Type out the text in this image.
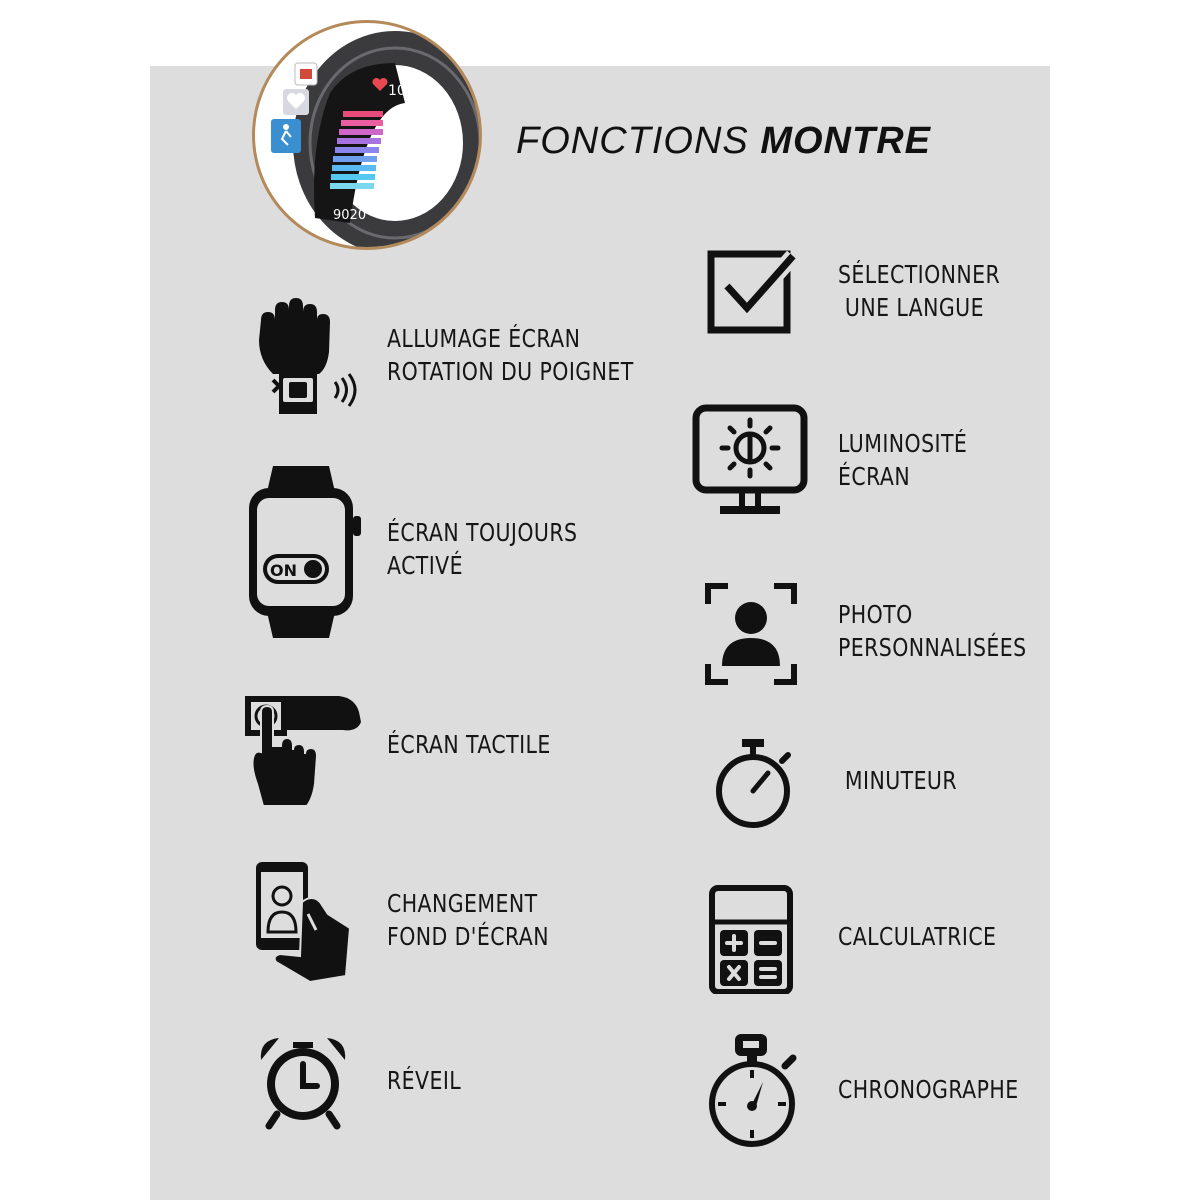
103
9020
FONCTIONS MONTRE
ALLUMAGE ÉCRAN
ROTATION DU POIGNET
ON
ÉCRAN TOUJOURS
ACTIVÉ
ÉCRAN TACTILE
CHANGEMENT
FOND D'ÉCRAN
RÉVEIL
SÉLECTIONNER
UNE LANGUE
LUMINOSITÉ
ÉCRAN
PHOTO
PERSONNALISÉES
MINUTEUR
CALCULATRICE
CHRONOGRAPHE
